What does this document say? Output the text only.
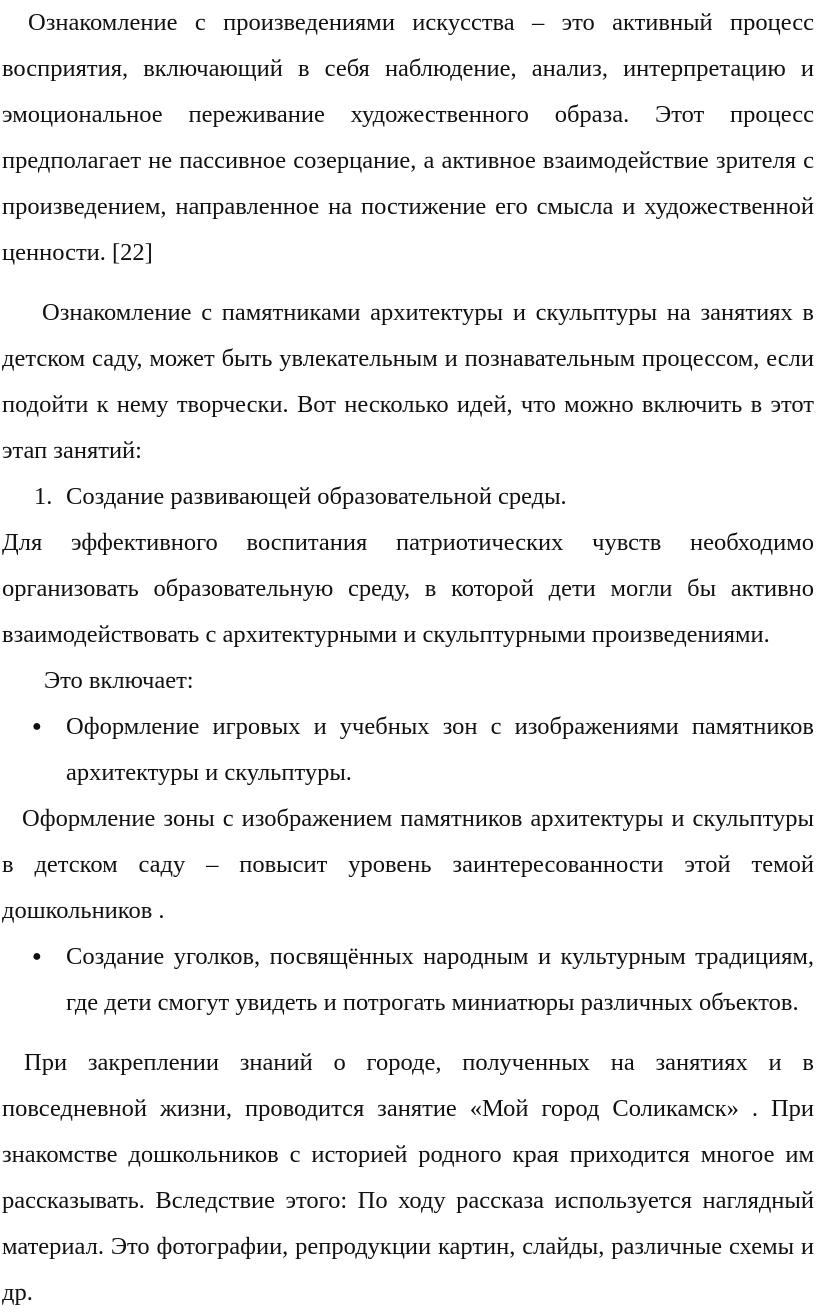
Ознакомление с произведениями искусства – это активный процесс восприятия, включающий в себя наблюдение, анализ, интерпретацию и эмоциональное переживание художественного образа. Этот процесс предполагает не пассивное созерцание, а активное взаимодействие зрителя с произведением, направленное на постижение его смысла и художественной ценности. [22]

Ознакомление с памятниками архитектуры и скульптуры на занятиях в детском саду, может быть увлекательным и познавательным процессом, если подойти к нему творчески. Вот несколько идей, что можно включить в этот этап занятий:

1. Создание развивающей образовательной среды.

Для эффективного воспитания патриотических чувств необходимо организовать образовательную среду, в которой дети могли бы активно взаимодействовать с архитектурными и скульптурными произведениями.

Это включает:

● Оформление игровых и учебных зон с изображениями памятников архитектуры и скульптуры.

Оформление зоны с изображением памятников архитектуры и скульптуры в детском саду – повысит уровень заинтересованности этой темой дошкольников .

● Создание уголков, посвящённых народным и культурным традициям, где дети смогут увидеть и потрогать миниатюры различных объектов.

При закреплении знаний о городе, полученных на занятиях и в повседневной жизни, проводится занятие «Мой город Соликамск» . При знакомстве дошкольников с историей родного края приходится многое им рассказывать. Вследствие этого: По ходу рассказа используется наглядный материал. Это фотографии, репродукции картин, слайды, различные схемы и др.
